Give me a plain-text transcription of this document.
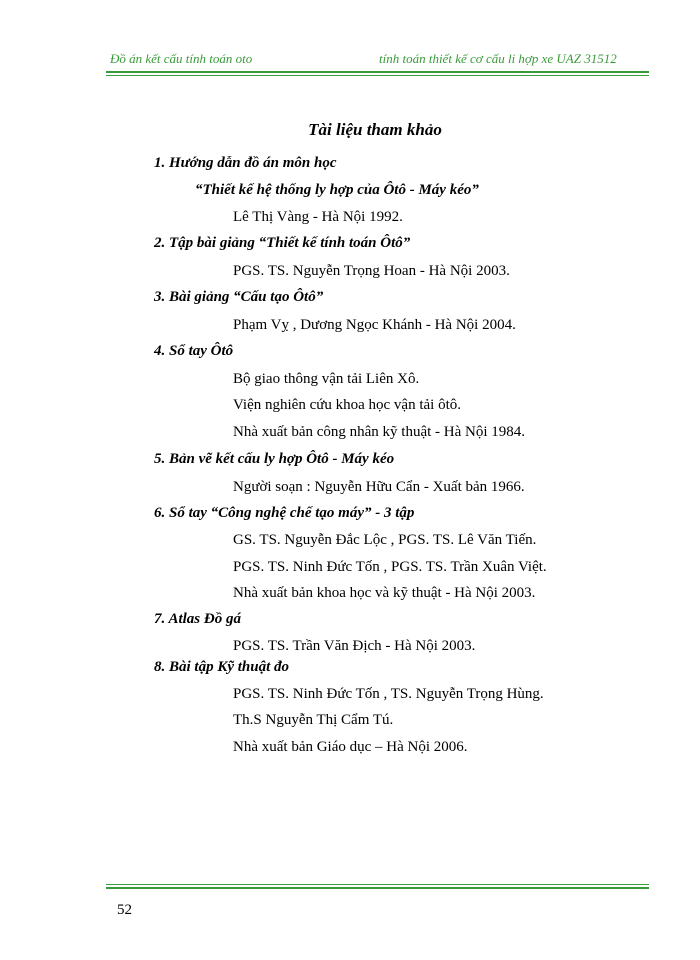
Đồ án kết cấu tính toán oto	tính toán thiết kế cơ cấu li hợp xe UAZ 31512
Tài liệu tham khảo
1. Hướng dẫn đồ án môn học
“Thiết kế hệ thống ly hợp của Ôtô - Máy kéo”
Lê Thị Vàng - Hà Nội 1992.
2. Tập bài giảng “Thiết kế tính toán Ôtô”
PGS. TS. Nguyễn Trọng Hoan - Hà Nội 2003.
3. Bài giảng “Cấu tạo Ôtô”
Phạm Vỵ , Dương Ngọc Khánh - Hà Nội 2004.
4. Sổ tay Ôtô
Bộ giao thông vận tải Liên Xô.
Viện nghiên cứu khoa học vận tải ôtô.
Nhà xuất bản công nhân kỹ thuật - Hà Nội 1984.
5. Bản vẽ kết cấu ly hợp Ôtô - Máy kéo
Người soạn : Nguyễn Hữu Cẩn - Xuất bản 1966.
6. Sổ tay “Công nghệ chế tạo máy” - 3 tập
GS. TS. Nguyễn Đắc Lộc , PGS. TS. Lê Văn Tiến.
PGS. TS. Ninh Đức Tốn , PGS. TS. Trần Xuân Việt.
Nhà xuất bản khoa học và kỹ thuật - Hà Nội 2003.
7. Atlas Đồ gá
PGS. TS. Trần Văn Địch - Hà Nội 2003.
8. Bài tập Kỹ thuật đo
PGS. TS. Ninh Đức Tốn , TS. Nguyễn Trọng Hùng.
Th.S Nguyễn Thị Cẩm Tú.
Nhà xuất bản Giáo dục – Hà Nội 2006.
52
